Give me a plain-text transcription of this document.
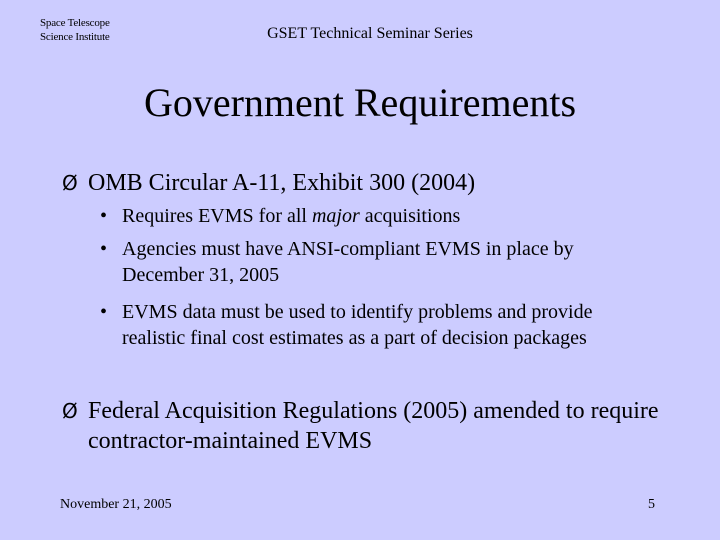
Space Telescope
Science Institute	GSET Technical Seminar Series
Government Requirements
Ø OMB Circular A-11, Exhibit 300 (2004)
• Requires EVMS for all major acquisitions
• Agencies must have ANSI-compliant EVMS in place by December 31, 2005
• EVMS data must be used to identify problems and provide realistic final cost estimates as a part of decision packages
Ø Federal Acquisition Regulations (2005) amended to require contractor-maintained EVMS
November 21, 2005	5
